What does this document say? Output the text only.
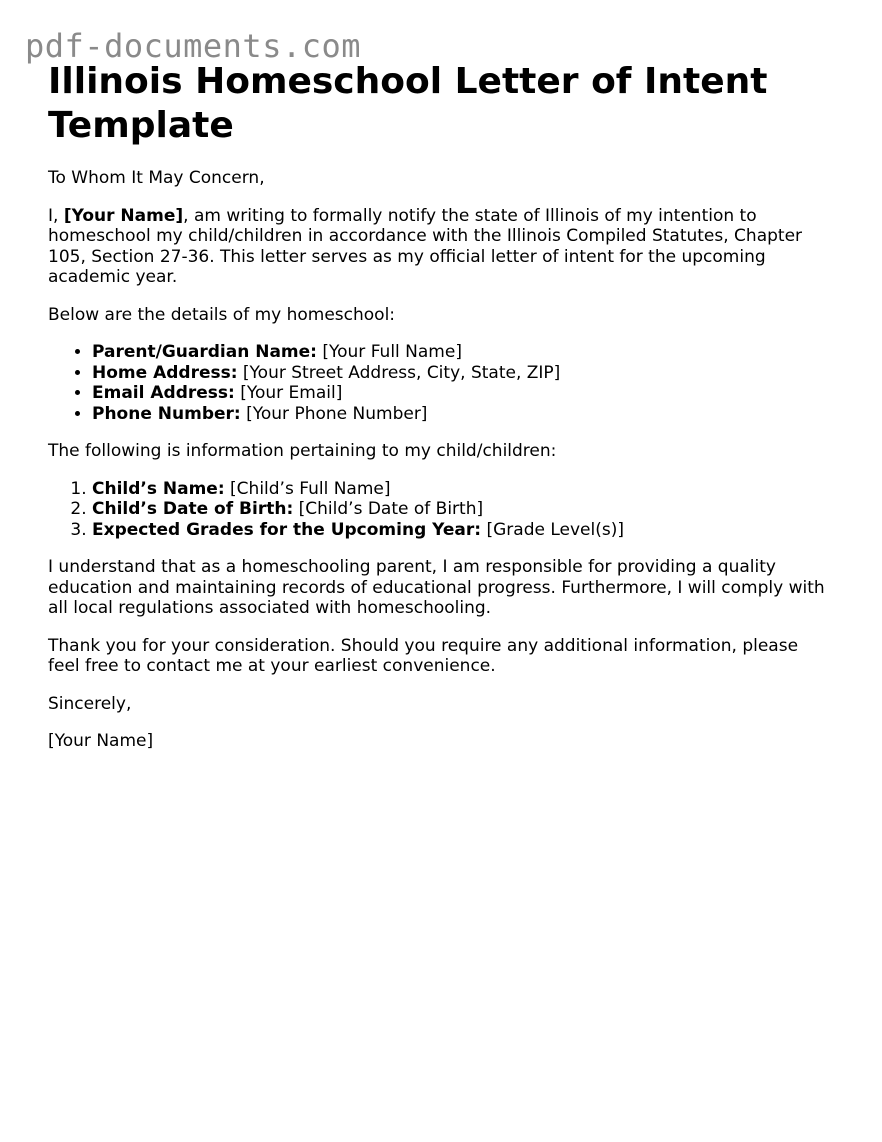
pdf-documents.com
Illinois Homeschool Letter of Intent Template

To Whom It May Concern,

I, [Your Name], am writing to formally notify the state of Illinois of my intention to homeschool my child/children in accordance with the Illinois Compiled Statutes, Chapter 105, Section 27-36. This letter serves as my official letter of intent for the upcoming academic year.

Below are the details of my homeschool:

• Parent/Guardian Name: [Your Full Name]
• Home Address: [Your Street Address, City, State, ZIP]
• Email Address: [Your Email]
• Phone Number: [Your Phone Number]

The following is information pertaining to my child/children:

1. Child’s Name: [Child’s Full Name]
2. Child’s Date of Birth: [Child’s Date of Birth]
3. Expected Grades for the Upcoming Year: [Grade Level(s)]

I understand that as a homeschooling parent, I am responsible for providing a quality education and maintaining records of educational progress. Furthermore, I will comply with all local regulations associated with homeschooling.

Thank you for your consideration. Should you require any additional information, please feel free to contact me at your earliest convenience.

Sincerely,

[Your Name]
